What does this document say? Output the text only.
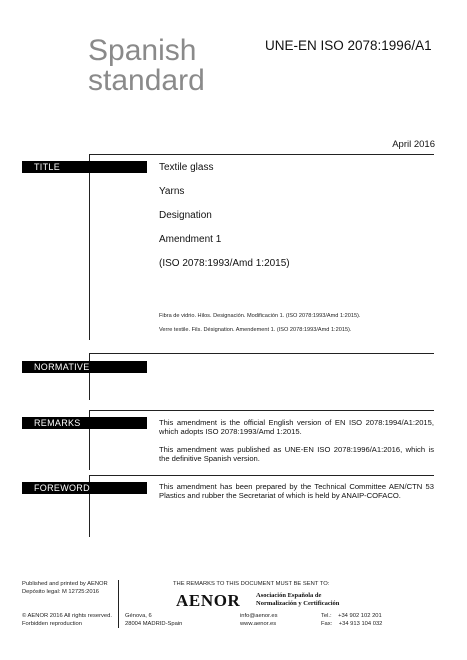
Spanish
standard
UNE-EN ISO 2078:1996/A1
April 2016
TITLE	Textile glass
Yarns
Designation
Amendment 1
(ISO 2078:1993/Amd 1:2015)
Fibra de vidrio. Hilos. Designación. Modificación 1. (ISO 2078:1993/Amd 1:2015).
Verre textile. Fils. Désignation. Amendement 1. (ISO 2078:1993/Amd 1:2015).
NORMATIVE
REMARKS	This amendment is the official English version of EN ISO 2078:1994/A1:2015, which adopts ISO 2078:1993/Amd 1:2015.
This amendment was published as UNE-EN ISO 2078:1996/A1:2016, which is the definitive Spanish version.
FOREWORD	This amendment has been prepared by the Technical Committee AEN/CTN 53 Plastics and rubber the Secretariat of which is held by ANAIP-COFACO.
Published and printed by AENOR
Depósito legal: M 12725:2016
© AENOR 2016 All rights reserved.
Forbidden reproduction
THE REMARKS TO THIS DOCUMENT MUST BE SENT TO:
AENOR Asociación Española de
Normalización y Certificación
Génova, 6
28004 MADRID-Spain
info@aenor.es
www.aenor.es
Tel.:    +34 902 102 201
Fax:    +34 913 104 032
